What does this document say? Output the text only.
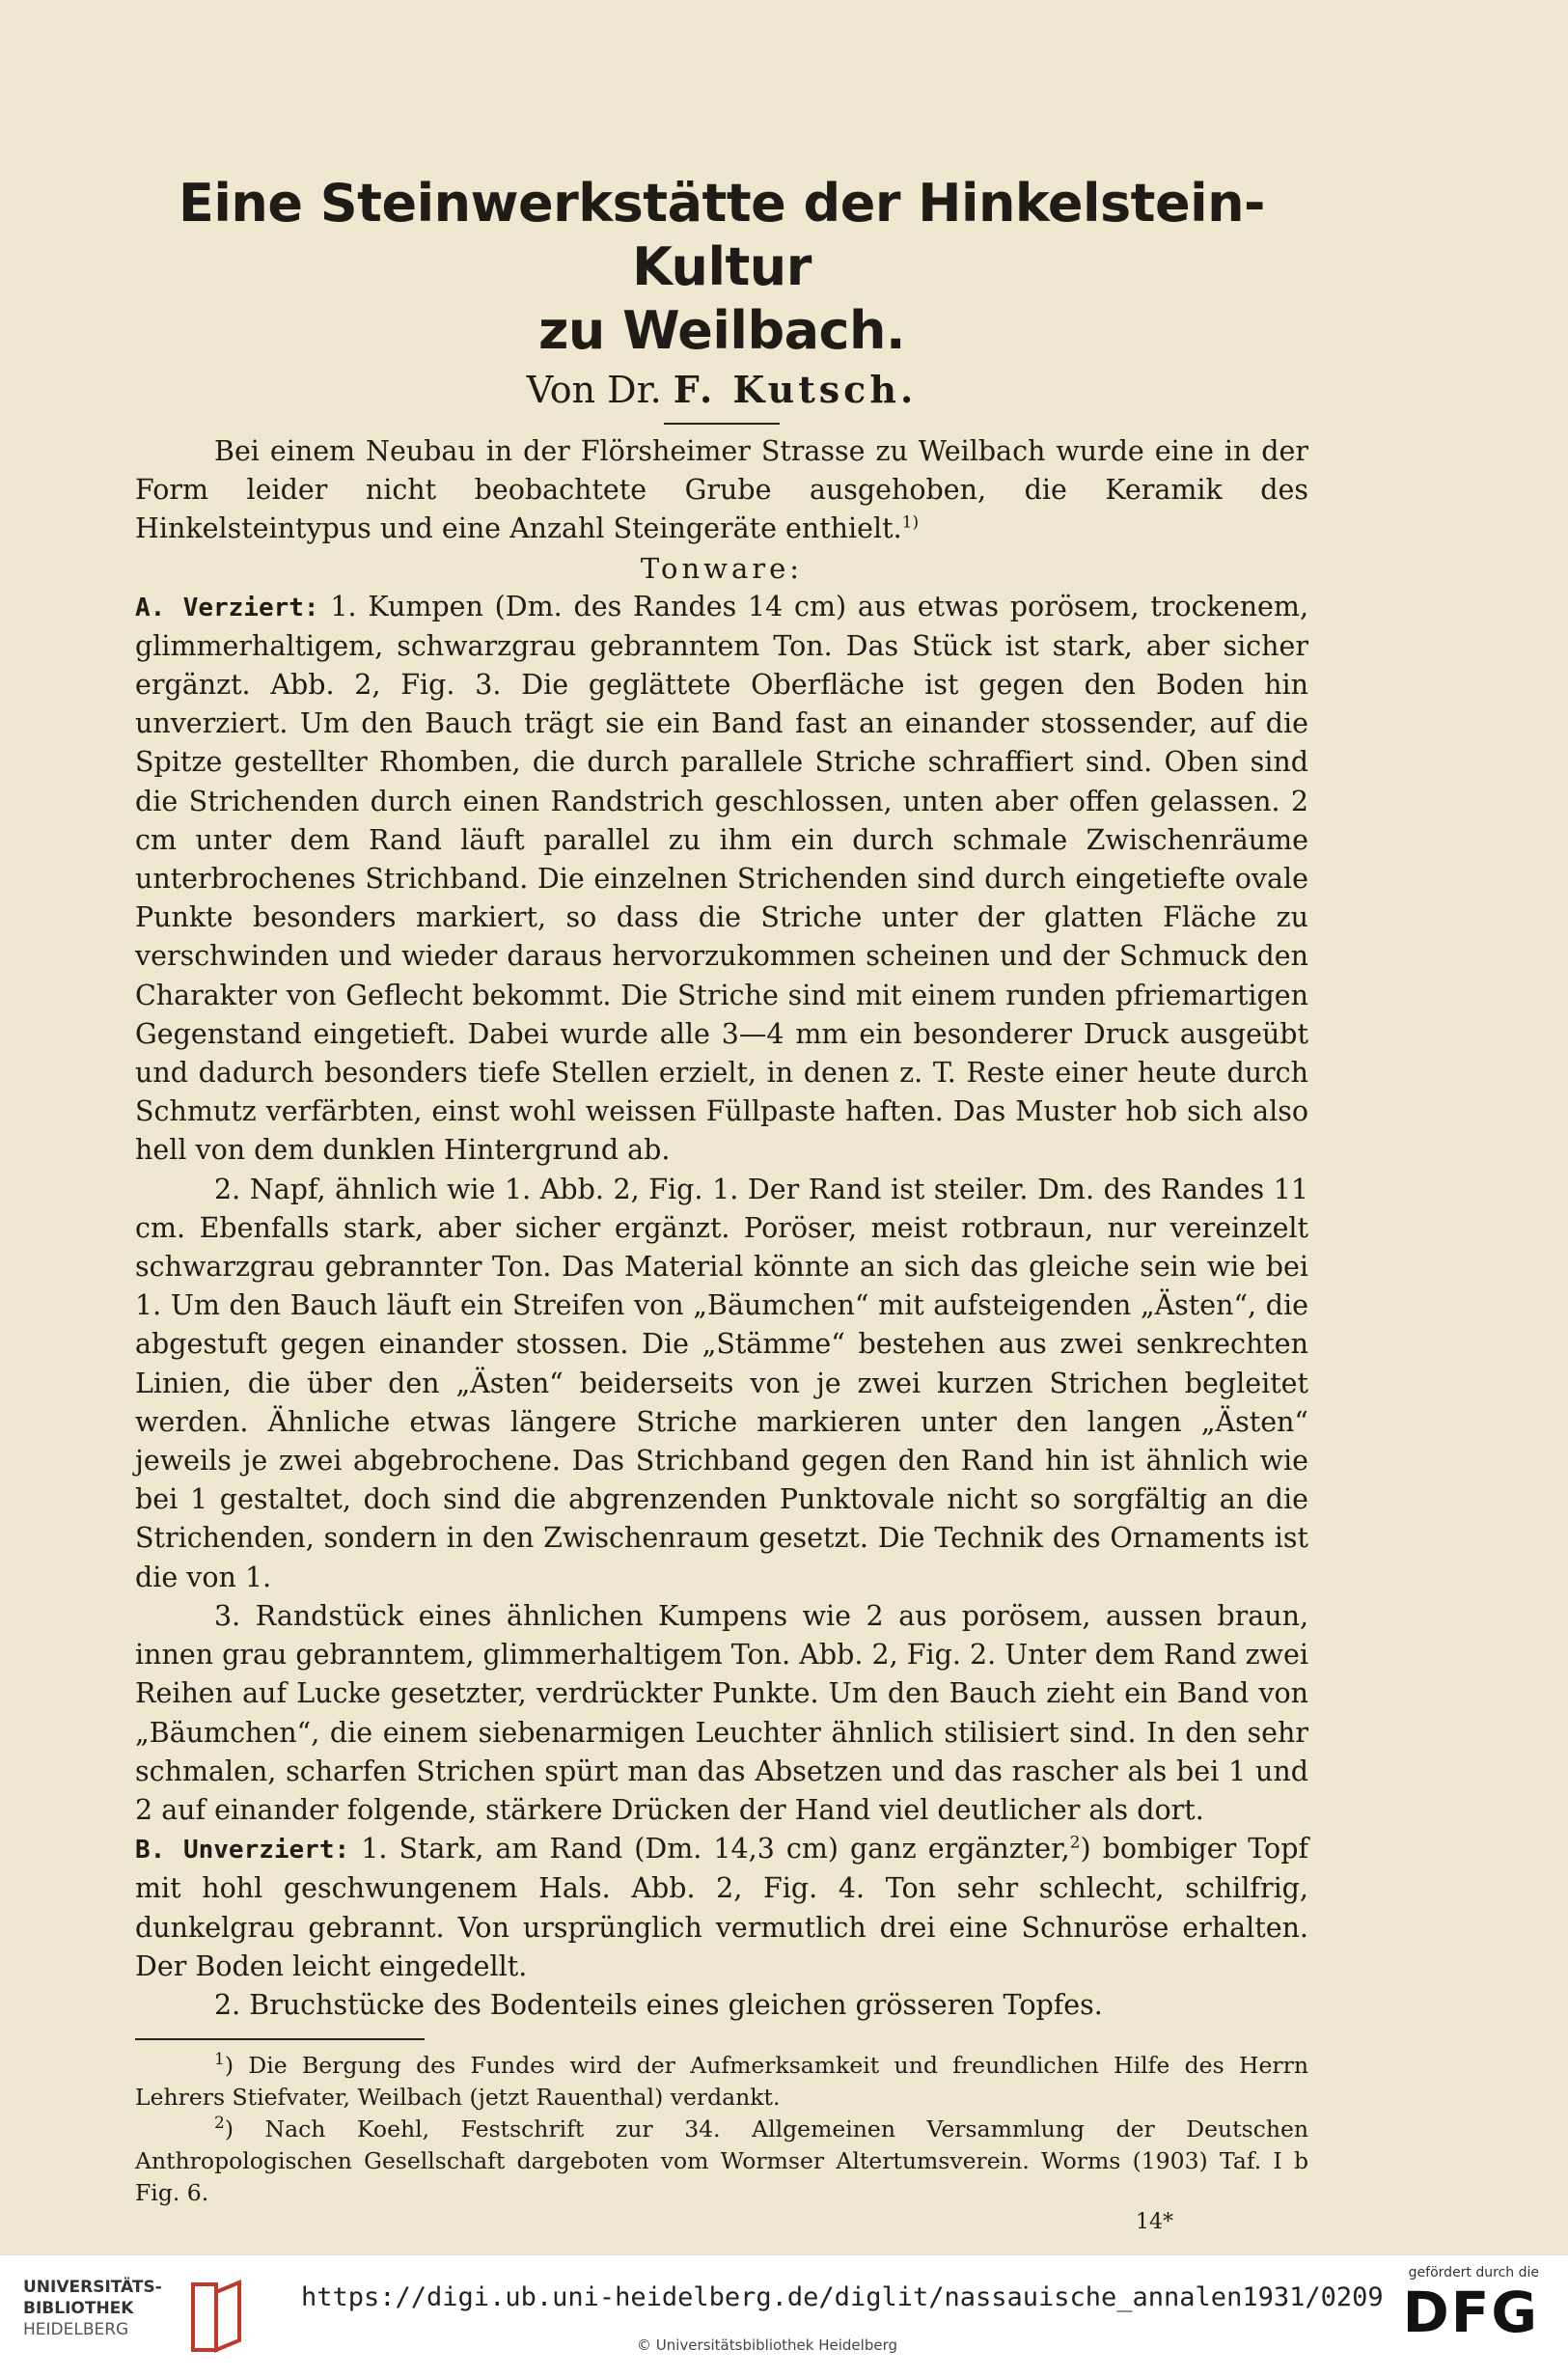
Eine Steinwerkstätte der Hinkelstein-Kultur
zu Weilbach.
Von Dr. F. Kutsch.

Bei einem Neubau in der Flörsheimer Strasse zu Weilbach wurde eine in der Form leider nicht beobachtete Grube ausgehoben, die Keramik des Hinkelsteintypus und eine Anzahl Steingeräte enthielt.$^{1)}$

Tonware:

A. Verziert: 1. Kumpen (Dm. des Randes 14 cm) aus etwas porösem, trockenem, glimmerhaltigem, schwarzgrau gebranntem Ton. Das Stück ist stark, aber sicher ergänzt. Abb. 2, Fig. 3. Die geglättete Oberfläche ist gegen den Boden hin unverziert. Um den Bauch trägt sie ein Band fast an einander stossender, auf die Spitze gestellter Rhomben, die durch parallele Striche schraffiert sind. Oben sind die Strichenden durch einen Randstrich geschlossen, unten aber offen gelassen. 2 cm unter dem Rand läuft parallel zu ihm ein durch schmale Zwischenräume unterbrochenes Strichband. Die einzelnen Strichenden sind durch eingetiefte ovale Punkte besonders markiert, so dass die Striche unter der glatten Fläche zu verschwinden und wieder daraus hervorzukommen scheinen und der Schmuck den Charakter von Geflecht bekommt. Die Striche sind mit einem runden pfriemartigen Gegenstand eingetieft. Dabei wurde alle 3—4 mm ein besonderer Druck ausgeübt und dadurch besonders tiefe Stellen erzielt, in denen z. T. Reste einer heute durch Schmutz verfärbten, einst wohl weissen Füllpaste haften. Das Muster hob sich also hell von dem dunklen Hintergrund ab.

2. Napf, ähnlich wie 1. Abb. 2, Fig. 1. Der Rand ist steiler. Dm. des Randes 11 cm. Ebenfalls stark, aber sicher ergänzt. Poröser, meist rotbraun, nur vereinzelt schwarzgrau gebrannter Ton. Das Material könnte an sich das gleiche sein wie bei 1. Um den Bauch läuft ein Streifen von „Bäumchen“ mit aufsteigenden „Ästen“, die abgestuft gegen einander stossen. Die „Stämme“ bestehen aus zwei senkrechten Linien, die über den „Ästen“ beiderseits von je zwei kurzen Strichen begleitet werden. Ähnliche etwas längere Striche markieren unter den langen „Ästen“ jeweils je zwei abgebrochene. Das Strichband gegen den Rand hin ist ähnlich wie bei 1 gestaltet, doch sind die abgrenzenden Punktovale nicht so sorgfältig an die Strichenden, sondern in den Zwischenraum gesetzt. Die Technik des Ornaments ist die von 1.

3. Randstück eines ähnlichen Kumpens wie 2 aus porösem, aussen braun, innen grau gebranntem, glimmerhaltigem Ton. Abb. 2, Fig. 2. Unter dem Rand zwei Reihen auf Lucke gesetzter, verdrückter Punkte. Um den Bauch zieht ein Band von „Bäumchen“, die einem siebenarmigen Leuchter ähnlich stilisiert sind. In den sehr schmalen, scharfen Strichen spürt man das Absetzen und das rascher als bei 1 und 2 auf einander folgende, stärkere Drücken der Hand viel deutlicher als dort.

B. Unverziert: 1. Stark, am Rand (Dm. 14,3 cm) ganz ergänzter,$^2$) bombiger Topf mit hohl geschwungenem Hals. Abb. 2, Fig. 4. Ton sehr schlecht, schilfrig, dunkelgrau gebrannt. Von ursprünglich vermutlich drei eine Schnuröse erhalten. Der Boden leicht eingedellt.

2. Bruchstücke des Bodenteils eines gleichen grösseren Topfes.

$^1$) Die Bergung des Fundes wird der Aufmerksamkeit und freundlichen Hilfe des Herrn Lehrers Stiefvater, Weilbach (jetzt Rauenthal) verdankt.

$^2$) Nach Koehl, Festschrift zur 34. Allgemeinen Versammlung der Deutschen Anthropologischen Gesellschaft dargeboten vom Wormser Altertumsverein. Worms (1903) Taf. I b Fig. 6.

14*

UNIVERSITÄTS-
BIBLIOTHEK
HEIDELBERG
https://digi.ub.uni-heidelberg.de/diglit/nassauische_annalen1931/0209
© Universitätsbibliothek Heidelberg
gefördert durch die
DFG
